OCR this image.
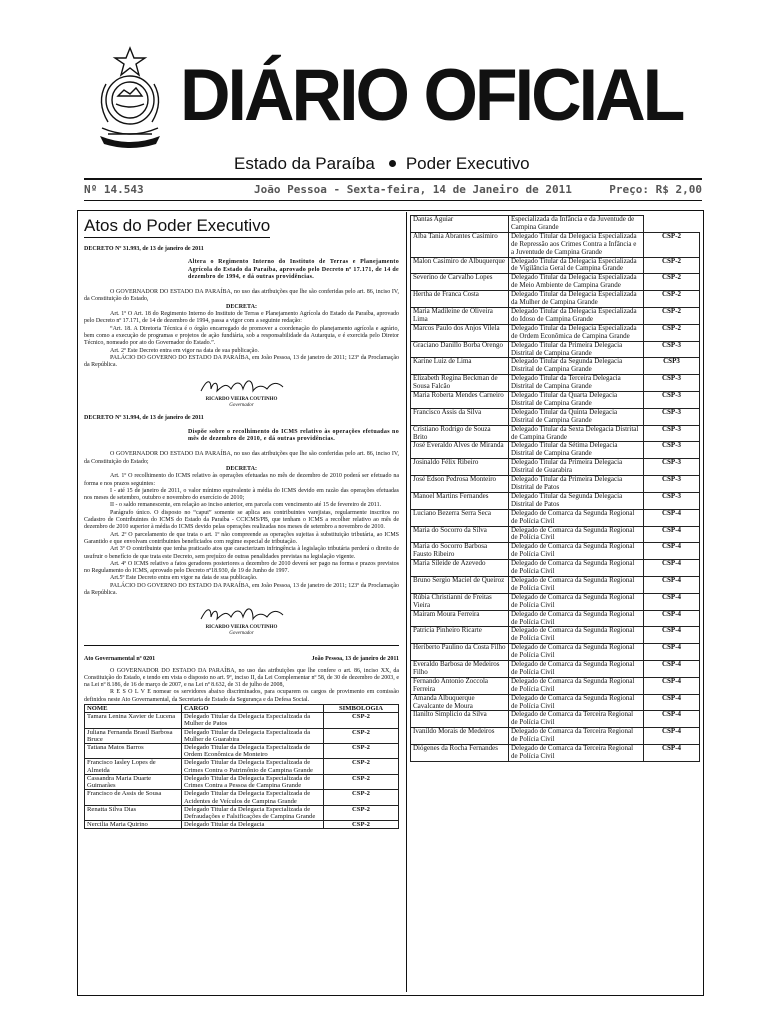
DIÁRIO OFICIAL
Estado da Paraíba Poder Executivo
Nº 14.543	João Pessoa - Sexta-feira, 14 de Janeiro de 2011	Preço: R$ 2,00
Atos do Poder Executivo

DECRETO Nº 31.993, de 13 de janeiro de 2011

Altera o Regimento Interno do Instituto de Terras e Planejamento Agrícola do Estado da Paraíba, aprovado pelo Decreto nº 17.171, de 14 de dezembro de 1994, e dá outras providências.

O GOVERNADOR DO ESTADO DA PARAÍBA, no uso das atribuições que lhe são conferidas pelo art. 86, inciso IV, da Constituição do Estado,

DECRETA:

Art. 1º O Art. 18 do Regimento Interno do Instituto de Terras e Planejamento Agrícola do Estado da Paraíba, aprovado pelo Decreto nº 17.171, de 14 de dezembro de 1994, passa a vigor com a seguinte redação:

“Art. 18. A Diretoria Técnica é o órgão encarregado de promover a coordenação do planejamento agrícola e agrário, bem como a execução de programas e projetos de ação fundiária, sob a responsabilidade da Autarquia, e é exercida pelo Diretor Técnico, nomeado por ato do Governador do Estado.”.

Art. 2º Este Decreto entra em vigor na data de sua publicação.

PALÁCIO DO GOVERNO DO ESTADO DA PARAÍBA, em João Pessoa, 13 de janeiro de 2011; 123º da Proclamação da República.

RICARDO VIEIRA COUTINHO
Governador

DECRETO Nº 31.994, de 13 de janeiro de 2011

Dispõe sobre o recolhimento do ICMS relativo às operações efetuadas no mês de dezembro de 2010, e dá outras providências.

O GOVERNADOR DO ESTADO DA PARAÍBA, no uso das atribuições que lhe são conferidas pelo art. 86, inciso IV, da Constituição do Estado;

DECRETA:

Art. 1º O recolhimento do ICMS relativo às operações efetuadas no mês de dezembro de 2010 poderá ser efetuado na forma e nos prazos seguintes:

I - até 15 de janeiro de 2011, o valor mínimo equivalente à média do ICMS devido em razão das operações efetuadas nos meses de setembro, outubro e novembro do exercício de 2010;

II - o saldo remanescente, em relação ao inciso anterior, em parcela com vencimento até 15 de fevereiro de 2011.

Parágrafo único. O disposto no “caput” somente se aplica aos contribuintes varejistas, regularmente inscritos no Cadastro de Contribuintes do ICMS do Estado da Paraíba - CCICMS/PB, que tenham o ICMS a recolher relativo ao mês de dezembro de 2010 superior à média do ICMS devido pelas operações realizadas nos meses de setembro a novembro de 2010.

Art. 2º O parcelamento de que trata o art. 1º não compreende as operações sujeitas à substituição tributária, ao ICMS Garantido e que envolvam contribuintes beneficiados com regime especial de tributação.

Art 3º O contribuinte que tenha praticado atos que caracterizam infringência à legislação tributária perderá o direito de usufruir o benefício de que trata este Decreto, sem prejuízo de outras penalidades previstas na legislação vigente.

Art. 4º O ICMS relativo a fatos geradores posteriores a dezembro de 2010 deverá ser pago na forma e prazos previstos no Regulamento do ICMS, aprovado pelo Decreto nº18.930, de 19 de Junho de 1997.

Art.5º Este Decreto entra em vigor na data de sua publicação.

PALÁCIO DO GOVERNO DO ESTADO DA PARAÍBA, em João Pessoa, 13 de janeiro de 2011; 123º da Proclamação da República.

RICARDO VIEIRA COUTINHO
Governador
Ato Governamental nº 0201	João Pessoa, 13 de janeiro de 2011

O GOVERNADOR DO ESTADO DA PARAÍBA, no uso das atribuições que lhe confere o art. 86, inciso XX, da Constituição do Estado, e tendo em vista o disposto no art. 9º, inciso II, da Lei Complementar nº 58, de 30 de dezembro de 2003, e na Lei nº 8.186, de 16 de março de 2007, e na Lei nº 8.632, de 31 de julho de 2008,

R E S O L V E nomear os servidores abaixo discriminados, para ocuparem os cargos de provimento em comissão definidos neste Ato Governamental, da Secretaria de Estado da Segurança e da Defesa Social.

NOME	CARGO	SIMBOLOGIA
Tamara Lenina Xavier de Lucena	Delegado Titular da Delegacia Especializada da Mulher de Patos	CSP-2
Juliana Fernanda Brasil Barbosa Bruce	Delegado Titular da Delegacia Especializada da Mulher de Guarabira	CSP-2
Tatiana Matos Barros	Delegado Titular da Delegacia Especializada de Ordem Econômica de Monteiro	CSP-2
Francisco Iasley Lopes de Almeida	Delegado Titular da Delegacia Especializada de Crimes Contra o Patrimônio de Campina Grande	CSP-2
Cassandra Maria Duarte Guimarães	Delegado Titular da Delegacia Especializada de Crimes Contra a Pessoa de Campina Grande	CSP-2
Francisco de Assis de Sousa	Delegado Titular da Delegacia Especializada de Acidentes de Veículos de Campina Grande	CSP-2
Renatta Silva Dias	Delegado Titular da Delegacia Especializada de Defraudações e Falsificações de Campina Grande	CSP-2
Nercilia Maria Quirino	Delegado Titular da Delegacia	CSP-2
Dantas Aguiar	Especializada da Infância e da Juventude de Campina Grande	
Alba Tania Abrantes Casimiro	Delegado Titular da Delegacia Especializada de Repressão aos Crimes Contra a Infância e a Juventude de Campina Grande	CSP-2
Malon Casimiro de Albuquerque	Delegado Titular da Delegacia Especializada de Vigilância Geral de Campina Grande	CSP-2
Severino de Carvalho Lopes	Delegado Titular da Delegacia Especializada de Meio Ambiente de Campina Grande	CSP-2
Hertha de Franca Costa	Delegado Titular da Delegacia Especializada da Mulher de Campina Grande	CSP-2
Maria Madileine de Oliveira Lima	Delegado Titular da Delegacia Especializada do Idoso de Campina Grande	CSP-2
Marcos Paulo dos Anjos Vilela	Delegado Titular da Delegacia Especializada de Ordem Econômica de Campina Grande	CSP-2
Graciano Danillo Borba Orengo	Delegado Titular da Primeira Delegacia Distrital de Campina Grande	CSP-3
Karine Luiz de Lima	Delegado Titular da Segunda Delegacia Distrital de Campina Grande	CSP3
Elizabeth Regina Beckman de Sousa Falcão	Delegado Titular da Terceira Delegacia Distrital de Campina Grande	CSP-3
Maria Roberta Mendes Carneiro	Delegado Titular da Quarta Delegacia Distrital de Campina Grande	CSP-3
Francisco Assis da Silva	Delegado Titular da Quinta Delegacia Distrital de Campina Grande	CSP-3
Cristiano Rodrigo de Souza Brito	Delegado Titular da Sexta Delegacia Distrital de Campina Grande	CSP-3
José Everaldo Alves de Miranda	Delegado Titular da Sétima Delegacia Distrital de Campina Grande	CSP-3
Josinaldo Félix Ribeiro	Delegado Titular da Primeira Delegacia Distrital de Guarabira	CSP-3
José Edson Pedrosa Monteiro	Delegado Titular da Primeira Delegacia Distrital de Patos	CSP-3
Manoel Martins Fernandes	Delegado Titular da Segunda Delegacia Distrital de Patos	CSP-3
Luciano Bezerra Serra Seca	Delegado de Comarca da Segunda Regional de Polícia Civil	CSP-4
Maria do Socorro da Silva	Delegado de Comarca da Segunda Regional de Polícia Civil	CSP-4
Maria do Socorro Barbosa Fausto Ribeiro	Delegado de Comarca da Segunda Regional de Polícia Civil	CSP-4
Maria Sileide de Azevedo	Delegado de Comarca da Segunda Regional de Polícia Civil	CSP-4
Bruno Sergio Maciel de Queiroz	Delegado de Comarca da Segunda Regional de Polícia Civil	CSP-4
Rúbia Christianni de Freitas Vieira	Delegado de Comarca da Segunda Regional de Polícia Civil	CSP-4
Mairam Moura Ferreira	Delegado de Comarca da Segunda Regional de Polícia Civil	CSP-4
Patricia Pinheiro Ricarte	Delegado de Comarca da Segunda Regional de Polícia Civil	CSP-4
Heriberto Paulino da Costa Filho	Delegado de Comarca da Segunda Regional de Polícia Civil	CSP-4
Everaldo Barbosa de Medeiros Filho	Delegado de Comarca da Segunda Regional de Polícia Civil	CSP-4
Fernando Antonio Zoccola Ferreira	Delegado de Comarca da Segunda Regional de Polícia Civil	CSP-4
Amanda Albuquerque Cavalcante de Moura	Delegado de Comarca da Segunda Regional de Polícia Civil	CSP-4
Ilanilto Simplicio da Silva	Delegado de Comarca da Terceira Regional de Polícia Civil	CSP-4
Ivanildo Morais de Medeiros	Delegado de Comarca da Terceira Regional de Polícia Civil	CSP-4
Diógenes da Rocha Fernandes	Delegado de Comarca da Terceira Regional de Polícia Civil	CSP-4
